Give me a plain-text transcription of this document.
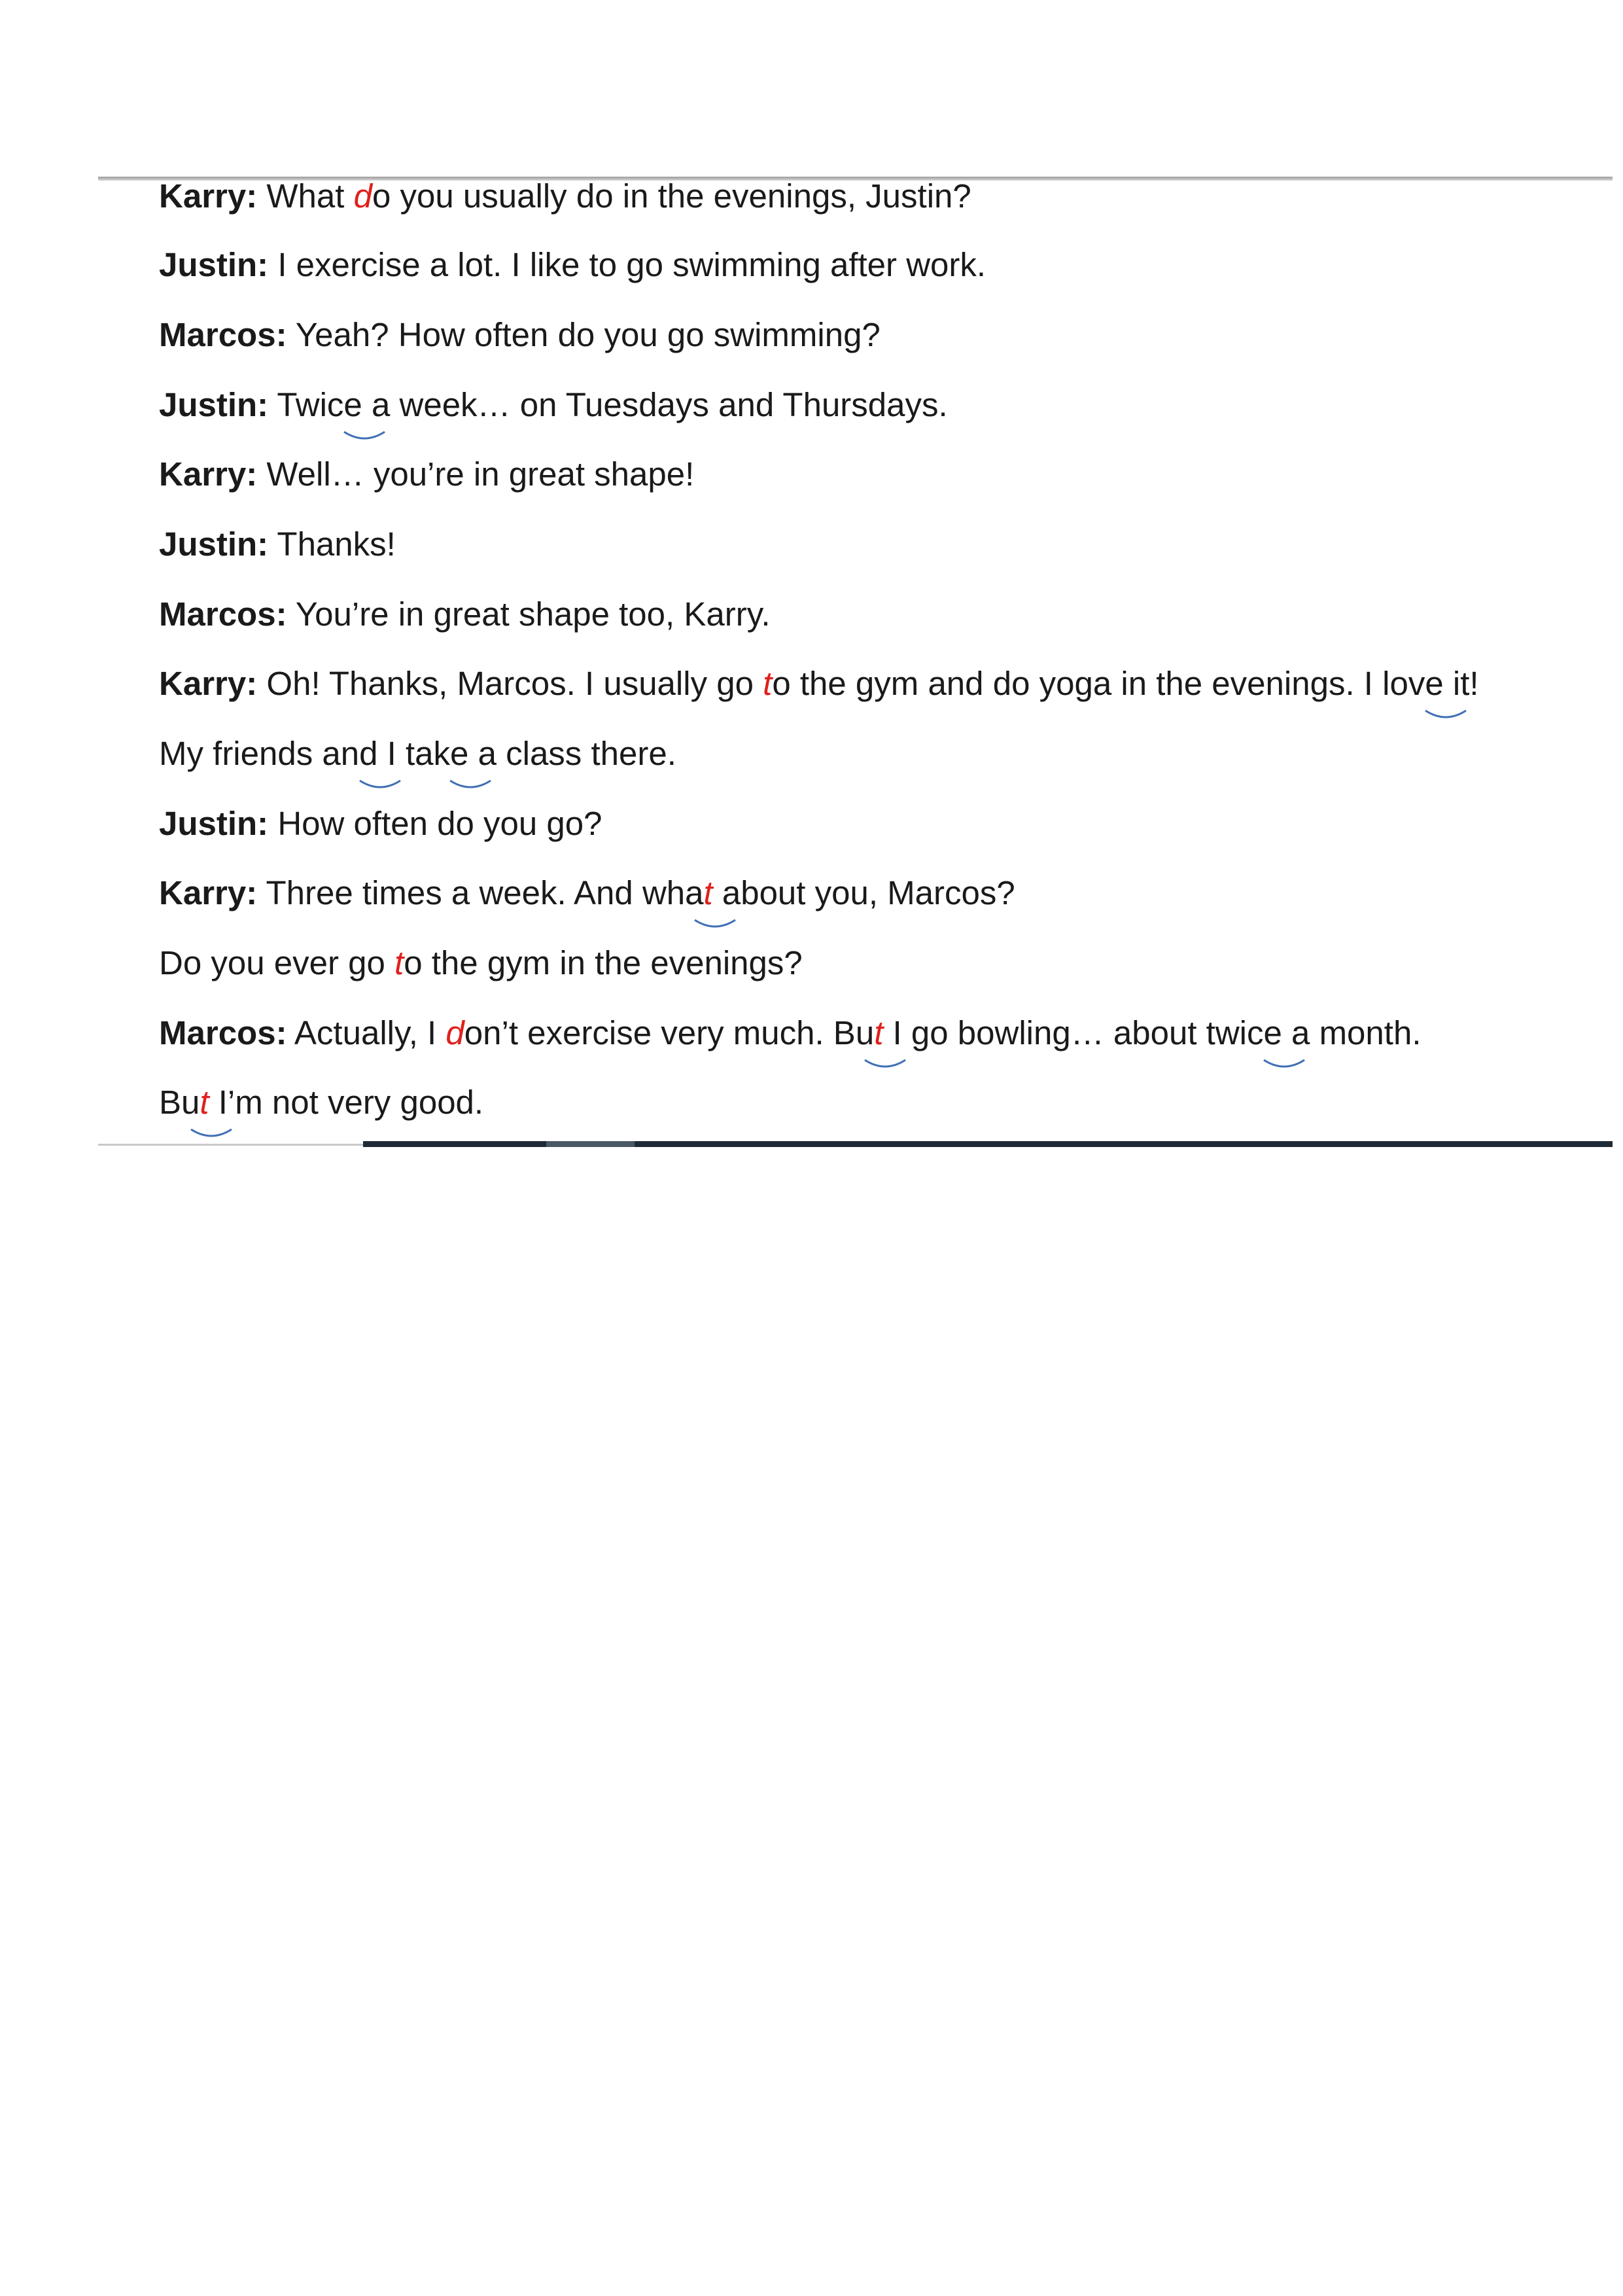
Karry: What do you usually do in the evenings, Justin?
Justin: I exercise a lot. I like to go swimming after work.
Marcos: Yeah? How often do you go swimming?
Justin: Twice
a week… on Tuesdays and Thursdays.
Karry: Well… you’re in great shape!
Justin: Thanks!
Marcos: You’re in great shape too, Karry.
Karry: Oh! Thanks, Marcos. I usually go to the gym and do yoga in the evenings. I love
it!
My friends and
I take
a class there.
Justin: How often do you go?
Karry: Three times a week. And what
about you, Marcos?
Do you ever go to the gym in the evenings?
Marcos: Actually, I don’t exercise very much. But
I go bowling… about twice
a month.
But
I’m not very good.
